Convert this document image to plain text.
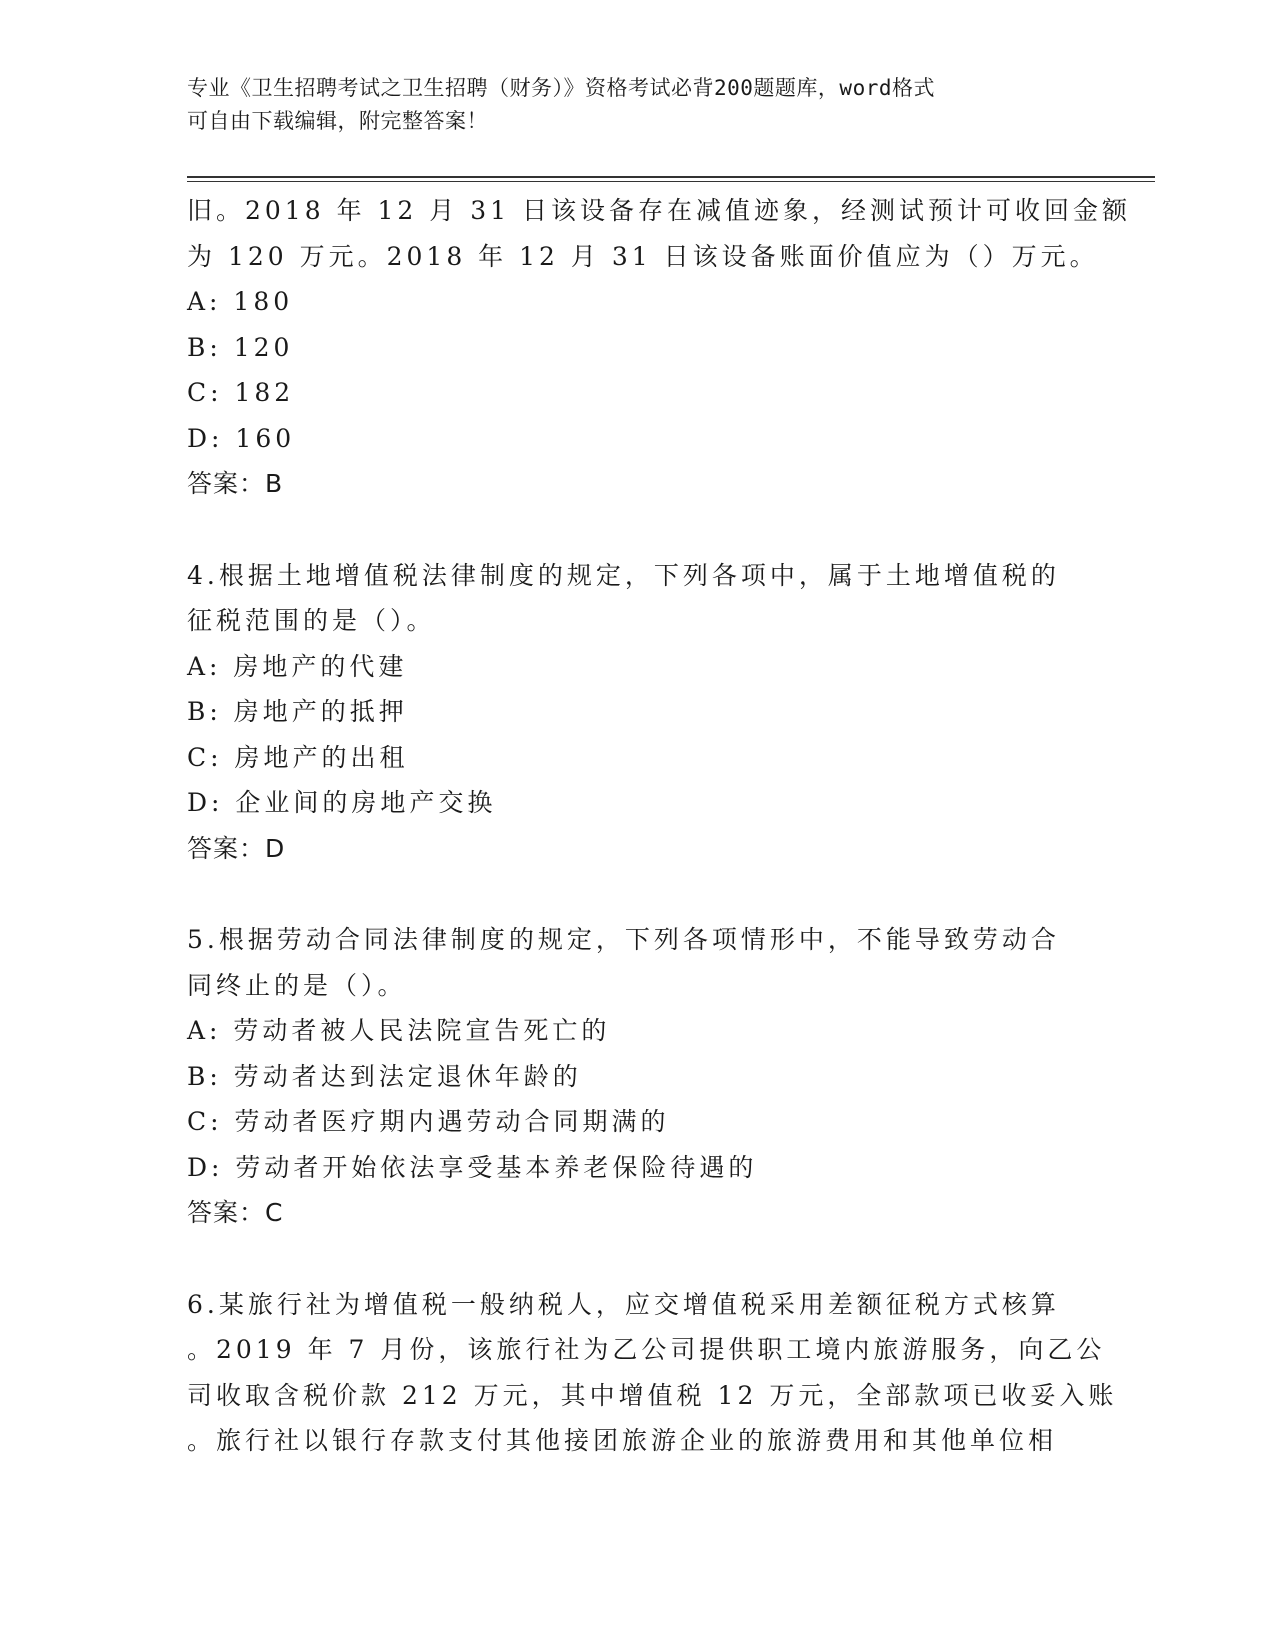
专业《卫生招聘考试之卫生招聘（财务）》资格考试必背200题题库，word格式
可自由下载编辑，附完整答案！
旧。2018 年 12 月 31 日该设备存在减值迹象，经测试预计可收回金额
为 120 万元。2018 年 12 月 31 日该设备账面价值应为（）万元。
A: 180
B: 120
C: 182
D: 160
答案：B
4.根据土地增值税法律制度的规定，下列各项中，属于土地增值税的
征税范围的是（）。
A: 房地产的代建
B: 房地产的抵押
C: 房地产的出租
D: 企业间的房地产交换
答案：D
5.根据劳动合同法律制度的规定，下列各项情形中，不能导致劳动合
同终止的是（）。
A: 劳动者被人民法院宣告死亡的
B: 劳动者达到法定退休年龄的
C: 劳动者医疗期内遇劳动合同期满的
D: 劳动者开始依法享受基本养老保险待遇的
答案：C
6.某旅行社为增值税一般纳税人，应交增值税采用差额征税方式核算
。2019 年 7 月份，该旅行社为乙公司提供职工境内旅游服务，向乙公
司收取含税价款 212 万元，其中增值税 12 万元，全部款项已收妥入账
。旅行社以银行存款支付其他接团旅游企业的旅游费用和其他单位相
